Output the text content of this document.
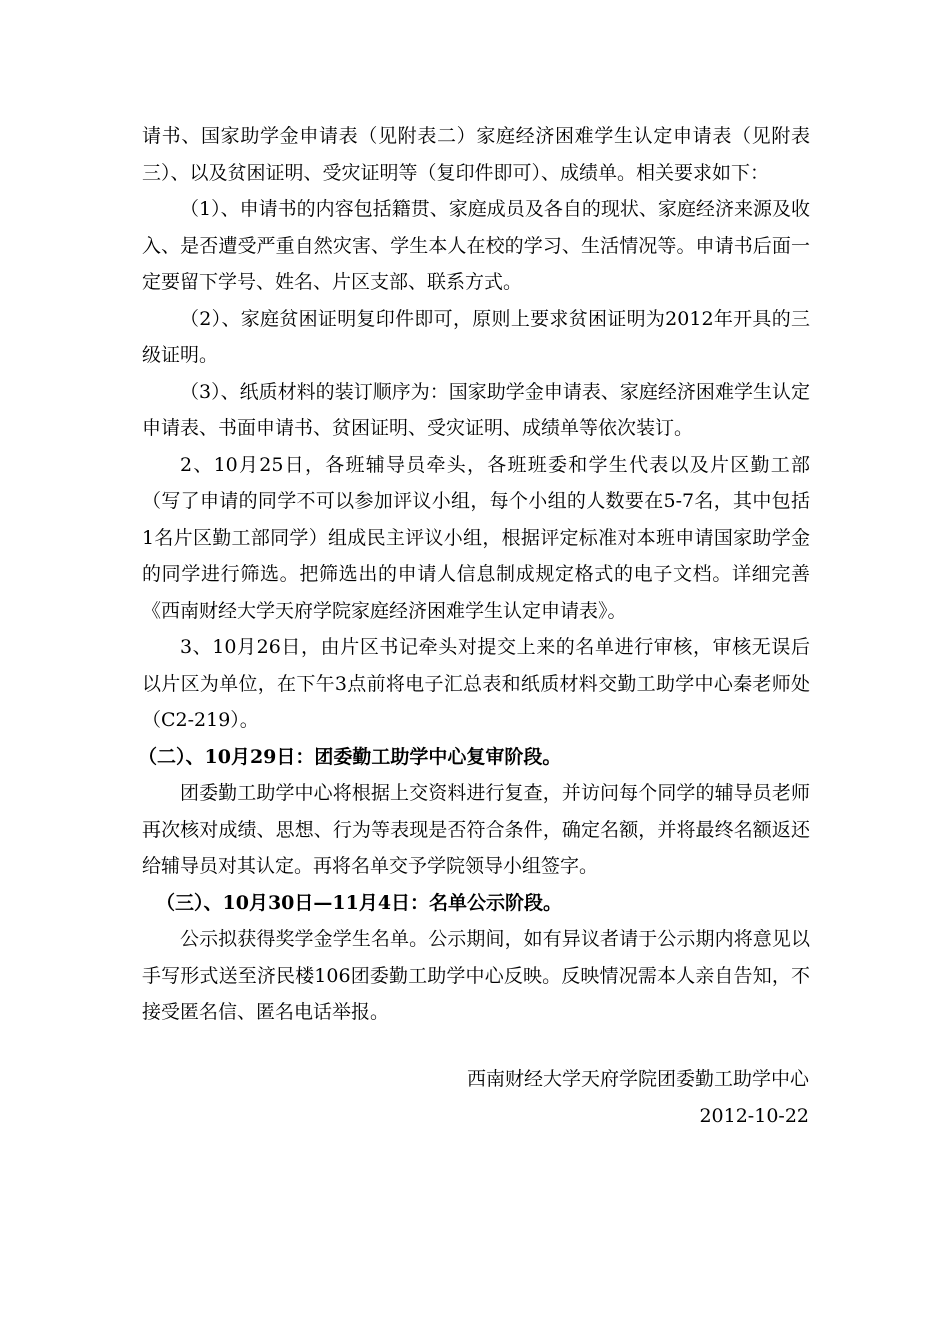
请书、国家助学金申请表（见附表二）家庭经济困难学生认定申请表（见附表三）、以及贫困证明、受灾证明等（复印件即可）、成绩单。相关要求如下：

（1）、申请书的内容包括籍贯、家庭成员及各自的现状、家庭经济来源及收入、是否遭受严重自然灾害、学生本人在校的学习、生活情况等。申请书后面一定要留下学号、姓名、片区支部、联系方式。

（2）、家庭贫困证明复印件即可，原则上要求贫困证明为2012年开具的三级证明。

（3）、纸质材料的装订顺序为：国家助学金申请表、家庭经济困难学生认定申请表、书面申请书、贫困证明、受灾证明、成绩单等依次装订。

2、10月25日，各班辅导员牵头，各班班委和学生代表以及片区勤工部（写了申请的同学不可以参加评议小组，每个小组的人数要在5-7名，其中包括1名片区勤工部同学）组成民主评议小组，根据评定标准对本班申请国家助学金的同学进行筛选。把筛选出的申请人信息制成规定格式的电子文档。详细完善《西南财经大学天府学院家庭经济困难学生认定申请表》。

3、10月26日，由片区书记牵头对提交上来的名单进行审核，审核无误后以片区为单位，在下午3点前将电子汇总表和纸质材料交勤工助学中心秦老师处（C2-219）。

（二）、10月29日：团委勤工助学中心复审阶段。

团委勤工助学中心将根据上交资料进行复查，并访问每个同学的辅导员老师再次核对成绩、思想、行为等表现是否符合条件，确定名额，并将最终名额返还给辅导员对其认定。再将名单交予学院领导小组签字。

（三）、10月30日—11月4日：名单公示阶段。

公示拟获得奖学金学生名单。公示期间，如有异议者请于公示期内将意见以手写形式送至济民楼106团委勤工助学中心反映。反映情况需本人亲自告知，不接受匿名信、匿名电话举报。

西南财经大学天府学院团委勤工助学中心
2012-10-22
